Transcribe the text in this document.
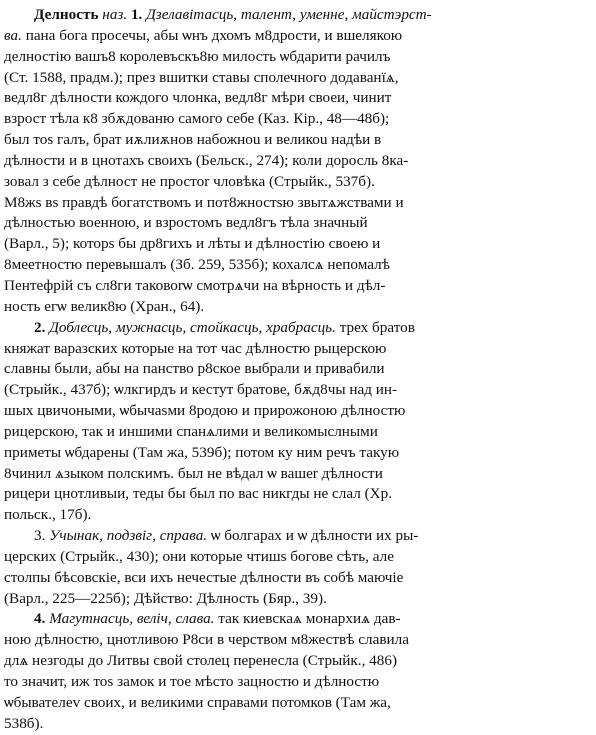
Делность наз. 1. Дзелавітасць, талент, уменне, майстэрст-
ва. пана бога просечы, абы ѡнъ дхомъ м8дрости, и вшелякою
делностію вашъ8 королевъскъ8ю милость ѡбдарити рачилъ
(Ст. 1588, прадм.); през вшитки ставы сполечного додаванїѧ,
ведл8г дѣлности кождого члонка, ведл8г мѣри своеи, чинит
взрост тѣла к8 збѫдованю самого себе (Каз. Кір., 48—48б);
был тоѕ галъ, брат иѫлиѫнов набожноu и великоu надѣи в
дѣлности и в цнотахъ своихъ (Бельск., 274); коли доросль 8ка-
зовал з себе дѣлност не простоr чловѣка (Стрыйк., 537б).
М8жѕ вѕ правдѣ богатствомъ и пот8жностѕю звытѧжствами и
дѣлностью военною, и взростомъ ведл8гъ тѣла значный
(Варл., 5); которѕ бы др8гихъ и лѣты и дѣлностію своею и
8меетностю перевышалъ (Зб. 259, 535б); кохалсѧ непомалѣ
Пентефрій съ сл8ги таковоrѡ смотрѧчи на вѣрность и дѣл-
ность егѡ велик8ю (Хран., 64).
2. Доблесць, мужнасць, стойкасць, храбрасць. трех братов
княжат варазских которые на тот час дѣлностю рыцерскою
славны были, абы на панство р8ское выбрали и привабили
(Стрыйк., 437б); ѡлкгирдъ и кестут братове, бѫд8чы над ин-
шых цвичоными, ѡбычаѕми 8родою и прирожоною дѣлностю
рицерскою, так и иншими спанѧлими и великомыслными
приметы ѡбдарены (Там жа, 539б); потом ку ним речъ такую
8чинил ѧзыком полскимъ. был не вѣдал ѡ вашеr дѣлности
рицери цнотливыи, теды бы был по вас никгды не слал (Хр.
польск., 17б).
3. Учынак, подзвіг, справа. ѡ болгарах и ѡ дѣлности их ры-
церских (Стрыйк., 430); они которые чтишѕ богове сѣть, але
столпы бѣсовскіе, вси ихъ нечестые дѣлности въ собѣ маючіе
(Варл., 225—225б); Дѣйство: Дѣлность (Бяр., 39).
4. Магутнасць, веліч, слава. так киевскаѧ монархиѧ дав-
ною дѣлностю, цнотливою Р8си в черством м8жествѣ славила
длѧ незгоды до Литвы свой столец перенесла (Стрыйк., 486)
то значит, иж тоѕ замок и тое мѣсто зацностю и дѣлностю
ѡбывателеv своих, и великими справами потомков (Там жа,
538б).
